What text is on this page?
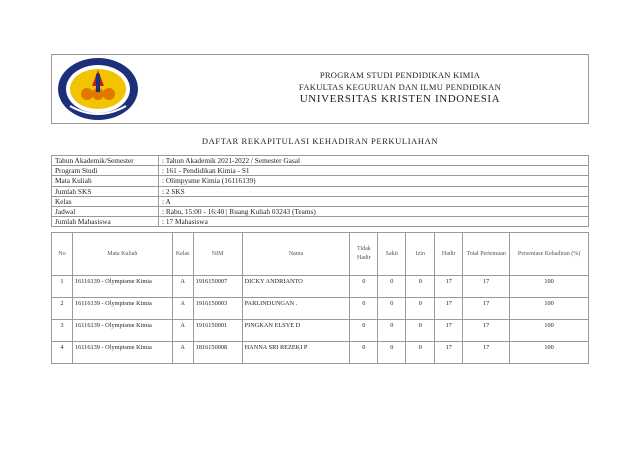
PROGRAM STUDI PENDIDIKAN KIMIA
FAKULTAS KEGURUAN DAN ILMU PENDIDIKAN
UNIVERSITAS KRISTEN INDONESIA
DAFTAR REKAPITULASI KEHADIRAN PERKULIAHAN
Tahun Akademik/Semester	: Tahun Akademik 2021-2022 / Semester Gasal
Program Studi	: 161 - Pendidikan Kimia - S1
Mata Kuliah	: Olimpysme Kimia (16116139)
Jumlah SKS	: 2 SKS
Kelas	: A
Jadwal	: Rabu, 15:00 - 16:40 | Ruang Kuliah 03243 (Teams)
Jumlah Mahasiswa	: 17 Mahasiswa
No	Mata Kuliah	Kelas	NIM	Nama	Tidak Hadir	Sakit	Izin	Hadir	Total Pertemuan	Persentase Kehadiran (%)
1	16116139 - Olympisme Kimia	A	1916150007	DICKY ANDRIANTO	0	0	0	17	17	100
2	16116139 - Olympisme Kimia	A	1916150003	PARLINDUNGAN .	0	0	0	17	17	100
3	16116139 - Olympisme Kimia	A	1916150001	PINGKAN ELSYE D	0	0	0	17	17	100
4	16116139 - Olympisme Kimia	A	1816150008	HANNA SRI REZEKI P	0	0	0	17	17	100
